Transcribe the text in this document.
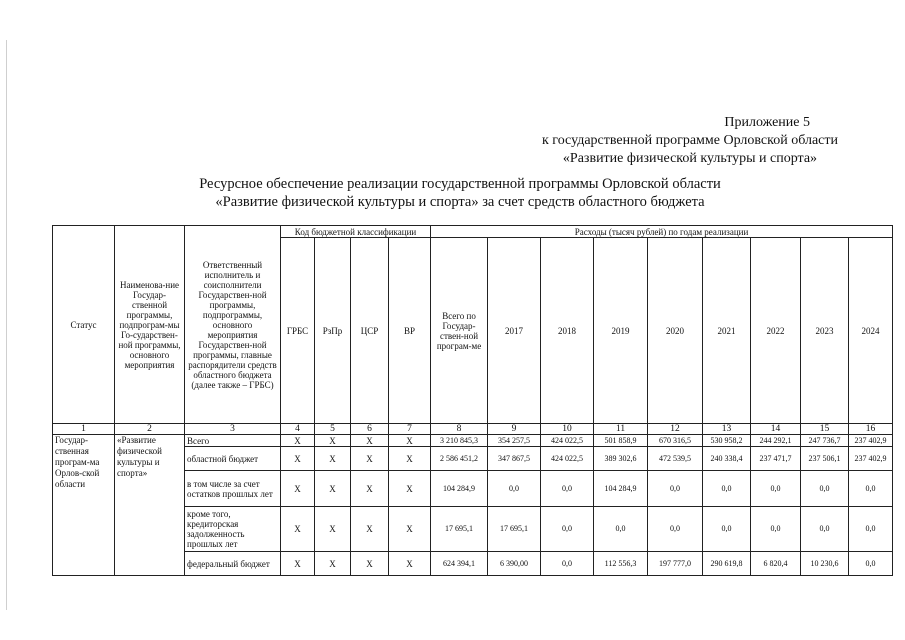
Приложение 5
к государственной программе Орловской области
«Развитие физической культуры и спорта»
Ресурсное обеспечение реализации государственной программы Орловской области
«Развитие физической культуры и спорта» за счет средств областного бюджета
Статус	Наименова-ние Государ-ственной программы, подпрограм-мы Го-сударствен-ной программы, основного мероприятия	Ответственный исполнитель и соисполнители Государствен-ной программы, подпрограммы, основного мероприятия Государствен-ной программы, главные распорядители средств областного бюджета (далее также – ГРБС)	Код бюджетной классификации				Расходы (тысяч рублей) по годам реализации								
			ГРБС	РзПр	ЦСР	ВР	Всего по Государ-ствен-ной програм-ме	2017	2018	2019	2020	2021	2022	2023	2024
1	2	3	4	5	6	7	8	9	10	11	12	13	14	15	16
Государ-ственная програм-ма Орлов-ской области	«Развитие физической культуры и спорта»	Всего	X	X	X	X	3 210 845,3	354 257,5	424 022,5	501 858,9	670 316,5	530 958,2	244 292,1	247 736,7	237 402,9
		областной бюджет	X	X	X	X	2 586 451,2	347 867,5	424 022,5	389 302,6	472 539,5	240 338,4	237 471,7	237 506,1	237 402,9
		в том числе за счет остатков прошлых лет	X	X	X	X	104 284,9	0,0	0,0	104 284,9	0,0	0,0	0,0	0,0	0,0
		кроме того, кредиторская задолженность прошлых лет	X	X	X	X	17 695,1	17 695,1	0,0	0,0	0,0	0,0	0,0	0,0	0,0
		федеральный бюджет	X	X	X	X	624 394,1	6 390,00	0,0	112 556,3	197 777,0	290 619,8	6 820,4	10 230,6	0,0
